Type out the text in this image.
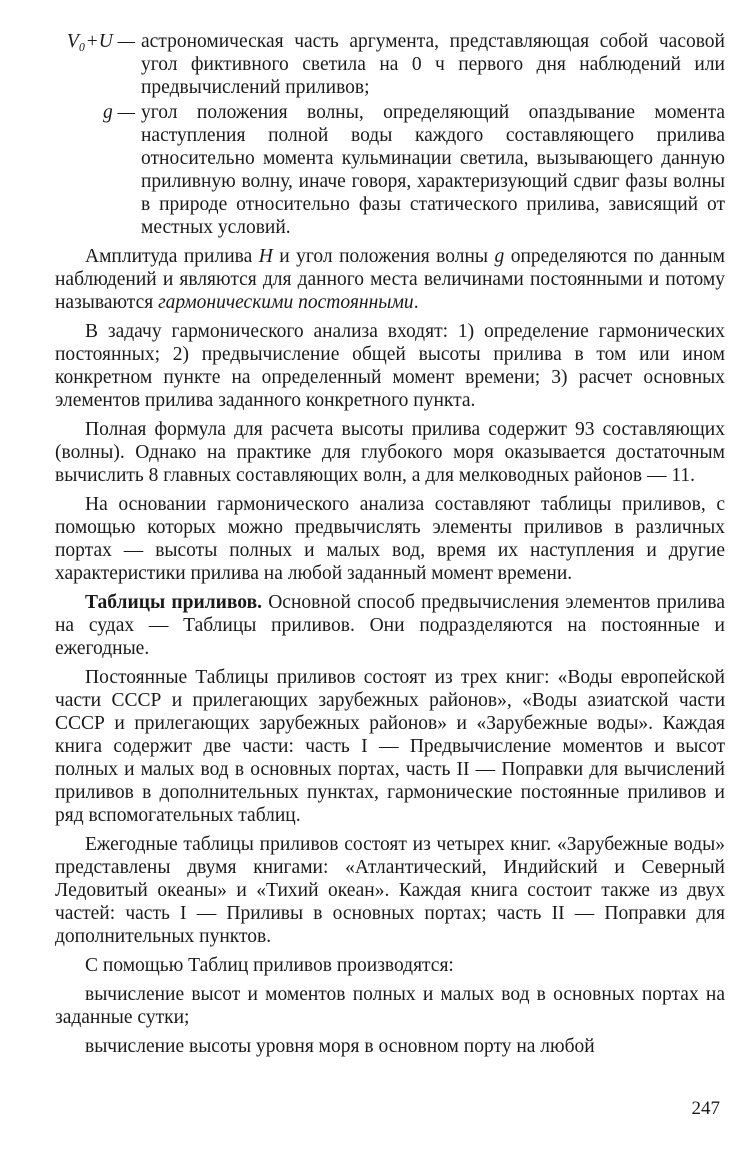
V₀+U — астрономическая часть аргумента, представляющая собой часовой угол фиктивного светила на 0 ч первого дня наблюдений или предвычислений приливов;
g — угол положения волны, определяющий опаздывание момента наступления полной воды каждого составляющего прилива относительно момента кульминации светила, вызывающего данную приливную волну, иначе говоря, характеризующий сдвиг фазы волны в природе относительно фазы статического прилива, зависящий от местных условий.

Амплитуда прилива H и угол положения волны g определяются по данным наблюдений и являются для данного места величинами постоянными и потому называются гармоническими постоянными.

В задачу гармонического анализа входят: 1) определение гармонических постоянных; 2) предвычисление общей высоты прилива в том или ином конкретном пункте на определенный момент времени; 3) расчет основных элементов прилива заданного конкретного пункта.

Полная формула для расчета высоты прилива содержит 93 составляющих (волны). Однако на практике для глубокого моря оказывается достаточным вычислить 8 главных составляющих волн, а для мелководных районов — 11.

На основании гармонического анализа составляют таблицы приливов, с помощью которых можно предвычислять элементы приливов в различных портах — высоты полных и малых вод, время их наступления и другие характеристики прилива на любой заданный момент времени.

Таблицы приливов. Основной способ предвычисления элементов прилива на судах — Таблицы приливов. Они подразделяются на постоянные и ежегодные.

Постоянные Таблицы приливов состоят из трех книг: «Воды европейской части СССР и прилегающих зарубежных районов», «Воды азиатской части СССР и прилегающих зарубежных районов» и «Зарубежные воды». Каждая книга содержит две части: часть I — Предвычисление моментов и высот полных и малых вод в основных портах, часть II — Поправки для вычислений приливов в дополнительных пунктах, гармонические постоянные приливов и ряд вспомогательных таблиц.

Ежегодные таблицы приливов состоят из четырех книг. «Зарубежные воды» представлены двумя книгами: «Атлантический, Индийский и Северный Ледовитый океаны» и «Тихий океан». Каждая книга состоит также из двух частей: часть I — Приливы в основных портах; часть II — Поправки для дополнительных пунктов.

С помощью Таблиц приливов производятся:

вычисление высот и моментов полных и малых вод в основных портах на заданные сутки;

вычисление высоты уровня моря в основном порту на любой

247
